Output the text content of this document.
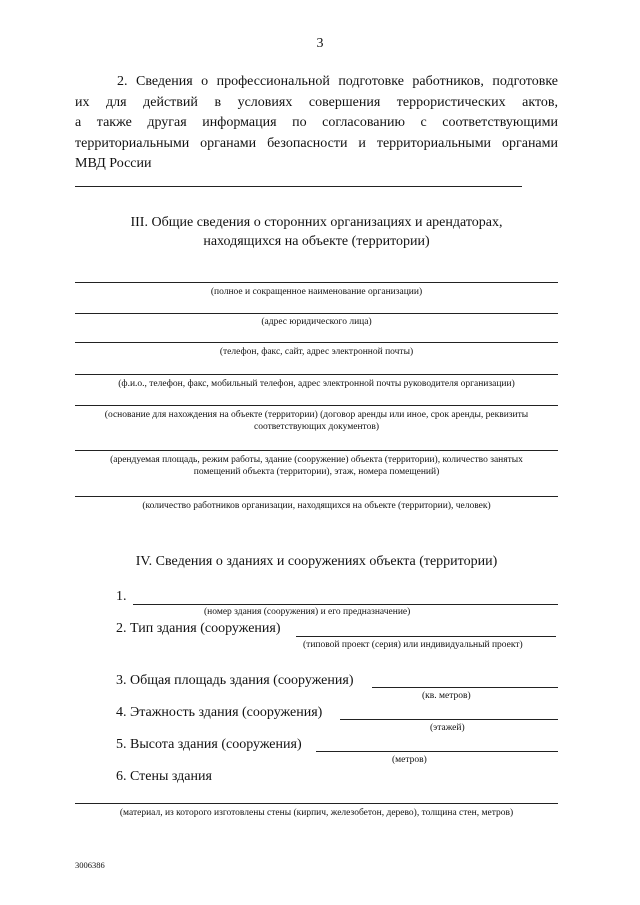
3
2. Сведения о профессиональной подготовке работников, подготовке
их для действий в условиях совершения террористических актов,
а также другая информация по согласованию с соответствующими
территориальными органами безопасности и территориальными органами
МВД России
III. Общие сведения о сторонних организациях и арендаторах,
находящихся на объекте (территории)
(полное и сокращенное наименование организации)
(адрес юридического лица)
(телефон, факс, сайт, адрес электронной почты)
(ф.и.о., телефон, факс, мобильный телефон, адрес электронной почты руководителя организации)
(основание для нахождения на объекте (территории) (договор аренды или иное, срок аренды, реквизиты
соответствующих документов)
(арендуемая площадь, режим работы, здание (сооружение) объекта (территории), количество занятых
помещений объекта (территории), этаж, номера помещений)
(количество работников организации, находящихся на объекте (территории), человек)
IV. Сведения о зданиях и сооружениях объекта (территории)
1.
(номер здания (сооружения) и его предназначение)
2. Тип здания (сооружения)
(типовой проект (серия) или индивидуальный проект)
3. Общая площадь здания (сооружения)
(кв. метров)
4. Этажность здания (сооружения)
(этажей)
5. Высота здания (сооружения)
(метров)
6. Стены здания
(материал, из которого изготовлены стены (кирпич, железобетон, дерево), толщина стен, метров)
3006386
